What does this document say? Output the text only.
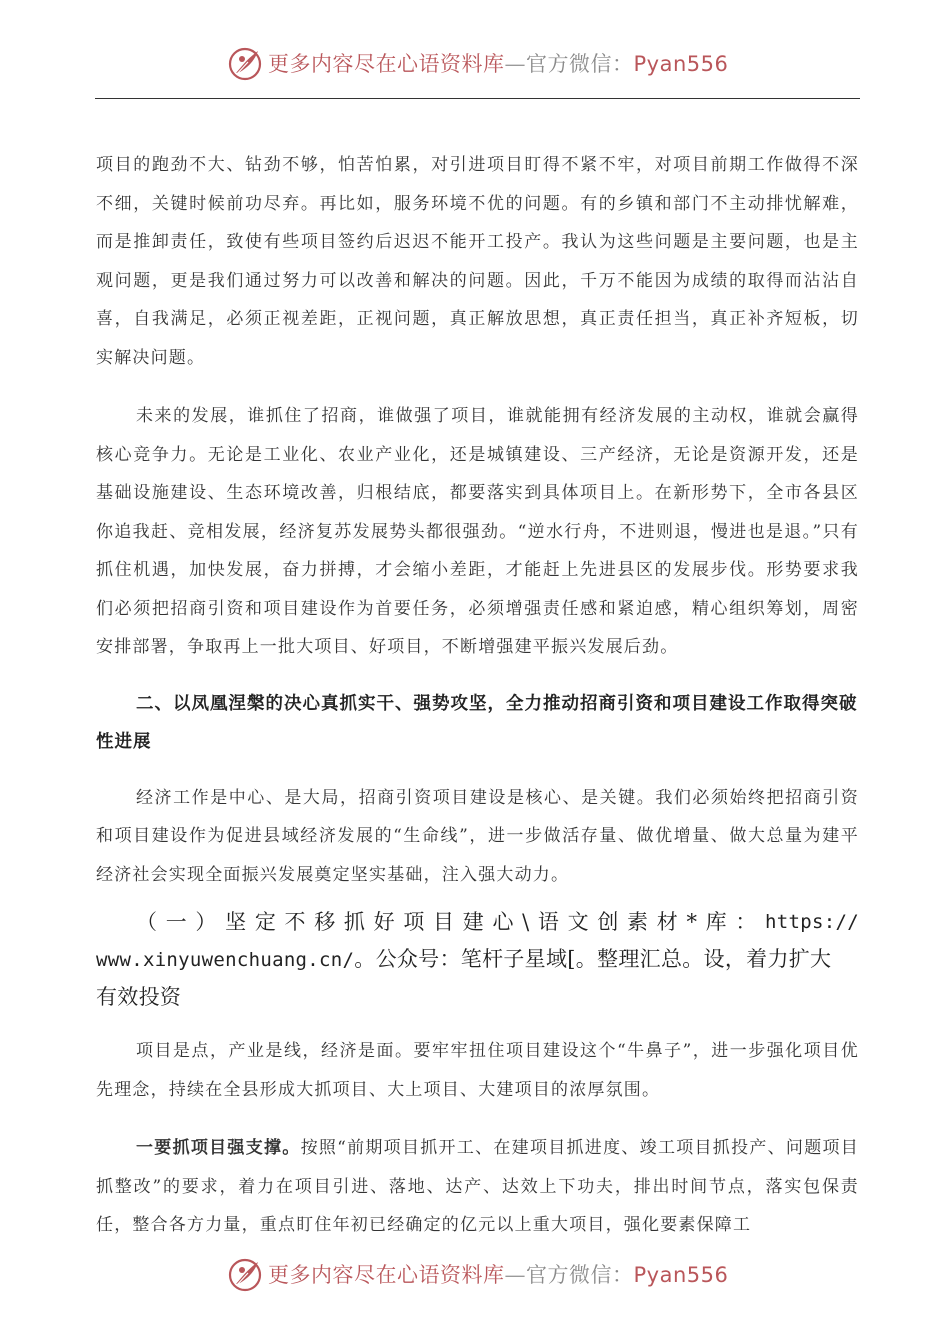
更多内容尽在心语资料库—官方微信：Pyan556

项目的跑劲不大、钻劲不够，怕苦怕累，对引进项目盯得不紧不牢，对项目前期工作做得不深不细，关键时候前功尽弃。再比如，服务环境不优的问题。有的乡镇和部门不主动排忧解难，而是推卸责任，致使有些项目签约后迟迟不能开工投产。我认为这些问题是主要问题，也是主观问题，更是我们通过努力可以改善和解决的问题。因此，千万不能因为成绩的取得而沾沾自喜，自我满足，必须正视差距，正视问题，真正解放思想，真正责任担当，真正补齐短板，切实解决问题。

未来的发展，谁抓住了招商，谁做强了项目，谁就能拥有经济发展的主动权，谁就会赢得核心竞争力。无论是工业化、农业产业化，还是城镇建设、三产经济，无论是资源开发，还是基础设施建设、生态环境改善，归根结底，都要落实到具体项目上。在新形势下，全市各县区你追我赶、竞相发展，经济复苏发展势头都很强劲。“逆水行舟，不进则退，慢进也是退。”只有抓住机遇，加快发展，奋力拼搏，才会缩小差距，才能赶上先进县区的发展步伐。形势要求我们必须把招商引资和项目建设作为首要任务，必须增强责任感和紧迫感，精心组织筹划，周密安排部署，争取再上一批大项目、好项目，不断增强建平振兴发展后劲。

二、以凤凰涅槃的决心真抓实干、强势攻坚，全力推动招商引资和项目建设工作取得突破性进展

经济工作是中心、是大局，招商引资项目建设是核心、是关键。我们必须始终把招商引资和项目建设作为促进县域经济发展的“生命线”，进一步做活存量、做优增量、做大总量为建平经济社会实现全面振兴发展奠定坚实基础，注入强大动力。

（ 一 ） 坚 定 不 移 抓 好 项 目 建 心 \ 语 文 创 素 材 * 库 ： https://
www.xinyuwenchuang.cn/。公众号：笔杆子星域[。整理汇总。设，着力扩大
有效投资

项目是点，产业是线，经济是面。要牢牢扭住项目建设这个“牛鼻子”，进一步强化项目优先理念，持续在全县形成大抓项目、大上项目、大建项目的浓厚氛围。

一要抓项目强支撑。按照“前期项目抓开工、在建项目抓进度、竣工项目抓投产、问题项目抓整改”的要求，着力在项目引进、落地、达产、达效上下功夫，排出时间节点，落实包保责任，整合各方力量，重点盯住年初已经确定的亿元以上重大项目，强化要素保障工

更多内容尽在心语资料库—官方微信：Pyan556
